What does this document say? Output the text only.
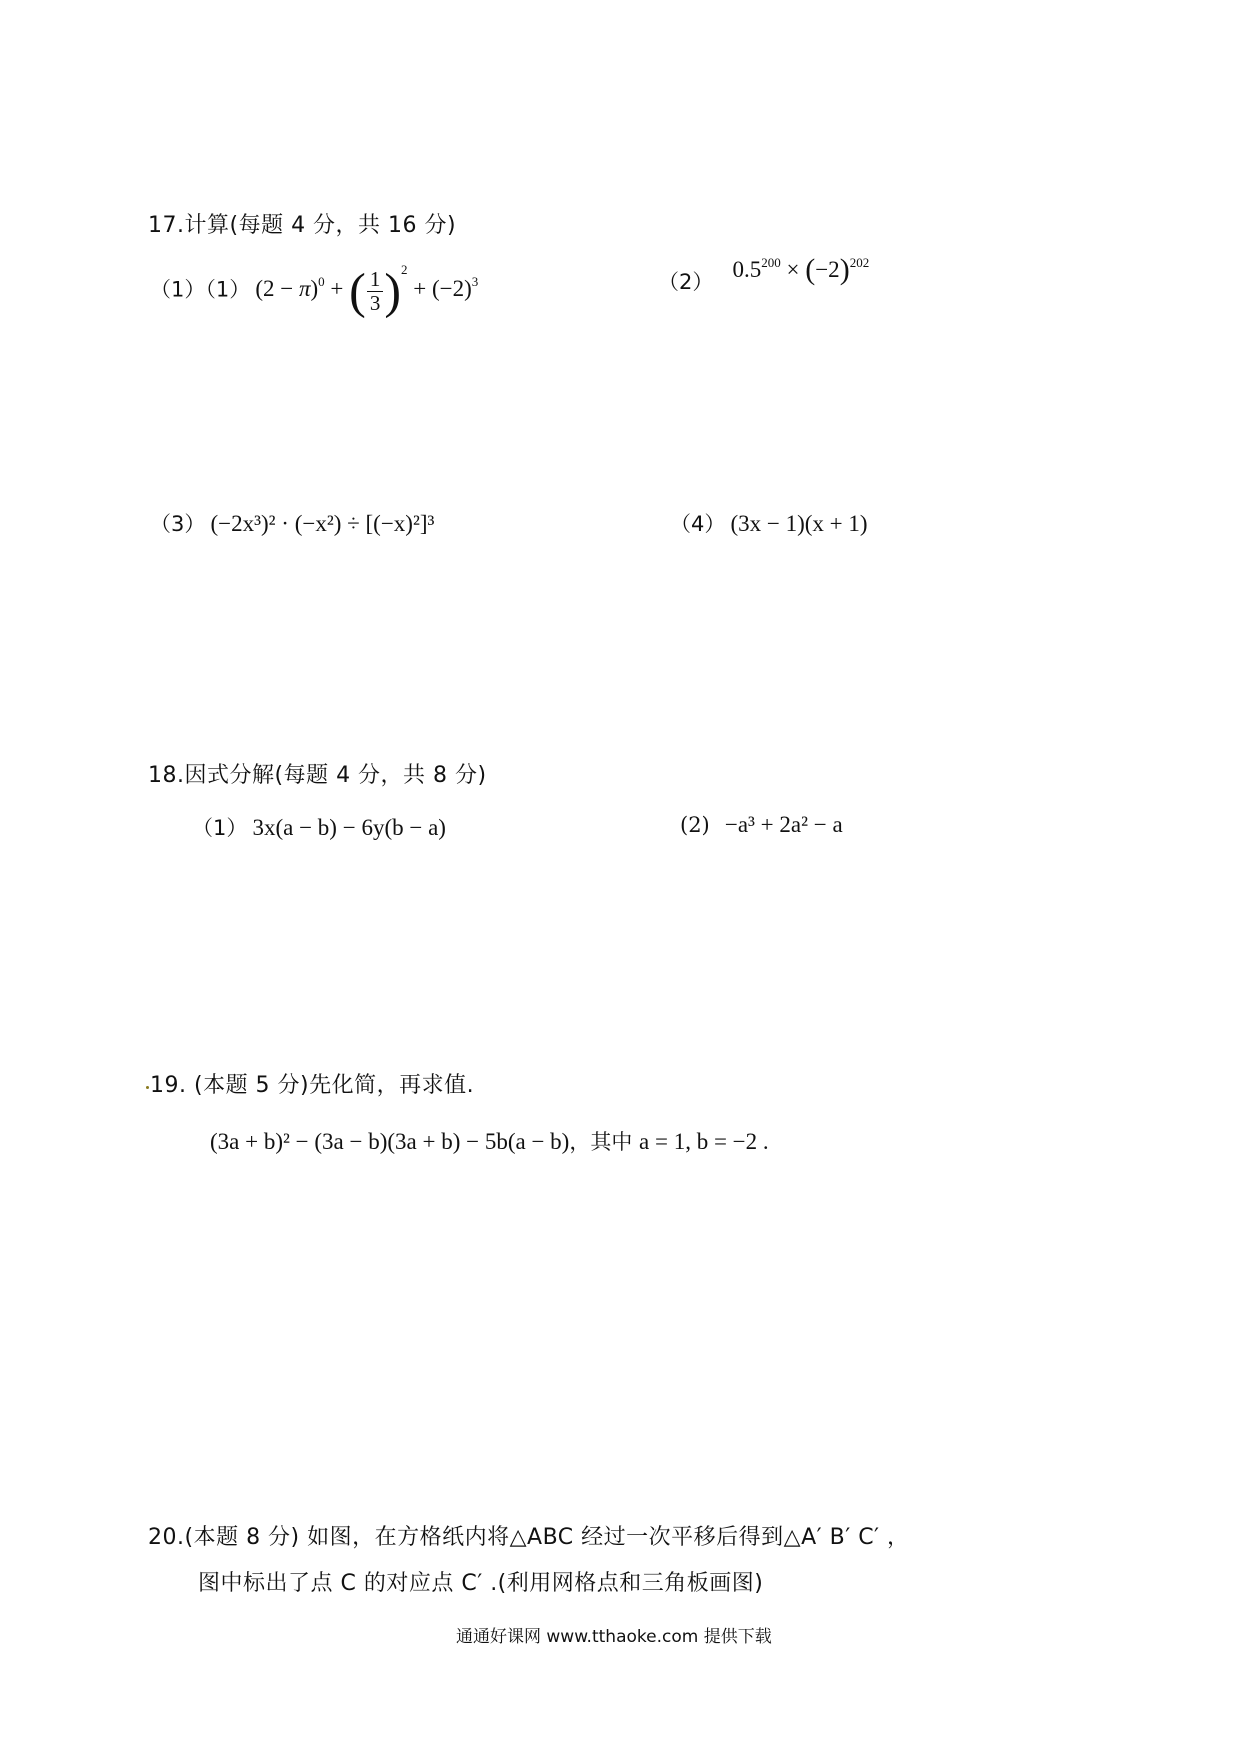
17.计算(每题 4 分，共 16 分)
（1）（1） $(2 - \pi)^0$ + ( $\frac{1}{3} )^2 + (-2)^3$	（2） $0.5^{200} \times (-2)^{202}$
（3） (−2x³)² · (−x²) ÷ [(−x)²]³	（4） (3x − 1)(x + 1)
18.因式分解(每题 4 分，共 8 分)
（1） 3x(a − b) − 6y(b − a)	(2) −a³ + 2a² − a
19. (本题 5 分)先化简，再求值.
(3a + b)² − (3a − b)(3a + b) − 5b(a − b)，其中 a = 1, b = −2 .
20.(本题 8 分) 如图，在方格纸内将△ABC 经过一次平移后得到△A′ B′ C′ ，
图中标出了点 C 的对应点 C′ .(利用网格点和三角板画图)
通通好课网 www.tthaoke.com 提供下载
